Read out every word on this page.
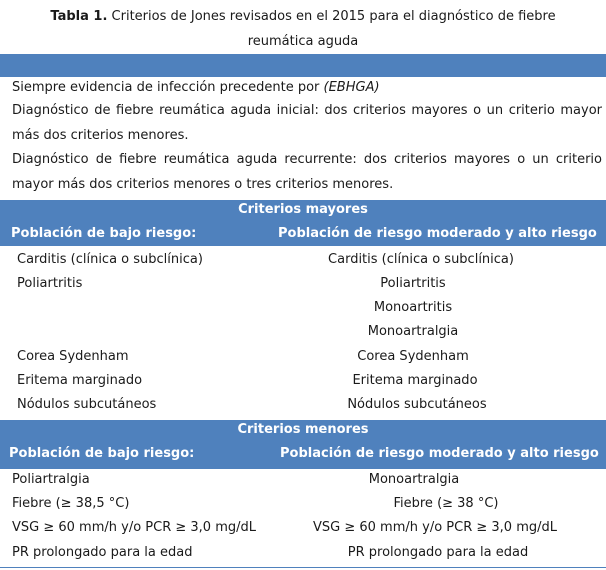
Tabla 1. Criterios de Jones revisados en el 2015 para el diagnóstico de fiebre
reumática aguda
Siempre evidencia de infección precedente por (EBHGA)
Diagnóstico de fiebre reumática aguda inicial: dos criterios mayores o un criterio mayor más dos criterios menores.
Diagnóstico de fiebre reumática aguda recurrente: dos criterios mayores o un criterio mayor más dos criterios menores o tres criterios menores.
Criterios mayores
Población de bajo riesgo:	Población de riesgo moderado y alto riesgo
Carditis (clínica o subclínica)
Poliartritis
Corea Sydenham
Eritema marginado
Nódulos subcutáneos
Carditis (clínica o subclínica)
Poliartritis
Monoartritis
Monoartralgia
Corea Sydenham
Eritema marginado
Nódulos subcutáneos
Criterios menores
Población de bajo riesgo:	Población de riesgo moderado y alto riesgo
Poliartralgia
Fiebre (≥ 38,5 °C)
VSG ≥ 60 mm/h y/o PCR ≥ 3,0 mg/dL
PR prolongado para la edad
Monoartralgia
Fiebre (≥ 38 °C)
VSG ≥ 60 mm/h y/o PCR ≥ 3,0 mg/dL
PR prolongado para la edad
